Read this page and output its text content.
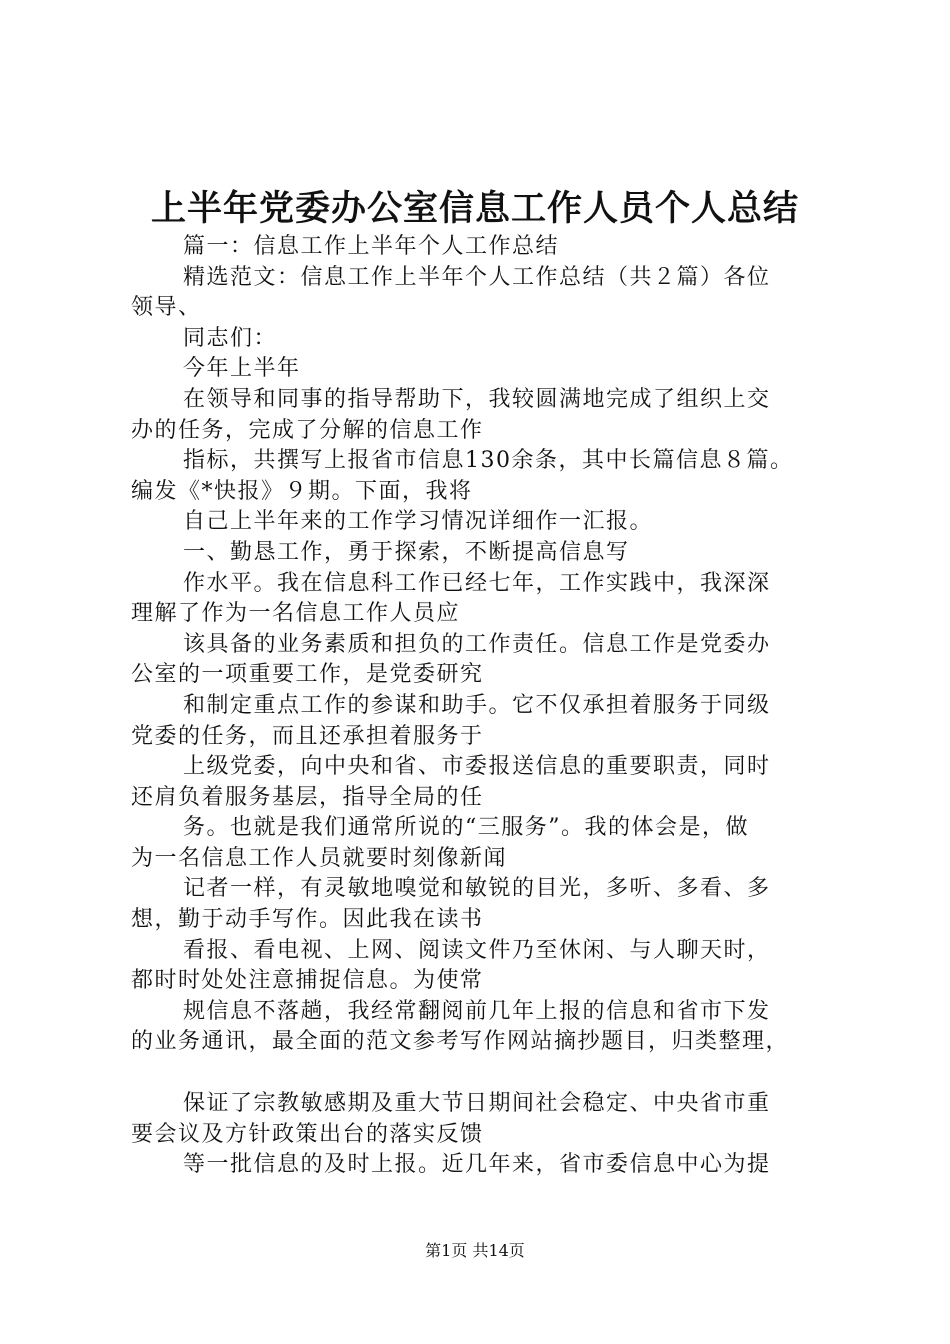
上半年党委办公室信息工作人员个人总结
篇一：信息工作上半年个人工作总结
精选范文：信息工作上半年个人工作总结（共２篇）各位
领导、
同志们：
今年上半年
在领导和同事的指导帮助下，我较圆满地完成了组织上交
办的任务，完成了分解的信息工作
指标，共撰写上报省市信息130余条，其中长篇信息８篇。
编发《*快报》９期。下面，我将
自己上半年来的工作学习情况详细作一汇报。
一、勤恳工作，勇于探索，不断提高信息写
作水平。我在信息科工作已经七年，工作实践中，我深深
理解了作为一名信息工作人员应
该具备的业务素质和担负的工作责任。信息工作是党委办
公室的一项重要工作，是党委研究
和制定重点工作的参谋和助手。它不仅承担着服务于同级
党委的任务，而且还承担着服务于
上级党委，向中央和省、市委报送信息的重要职责，同时
还肩负着服务基层，指导全局的任
务。也就是我们通常所说的“三服务”。我的体会是，做
为一名信息工作人员就要时刻像新闻
记者一样，有灵敏地嗅觉和敏锐的目光，多听、多看、多
想，勤于动手写作。因此我在读书
看报、看电视、上网、阅读文件乃至休闲、与人聊天时，
都时时处处注意捕捉信息。为使常
规信息不落趟，我经常翻阅前几年上报的信息和省市下发
的业务通讯，最全面的范文参考写作网站摘抄题目，归类整理，
保证了宗教敏感期及重大节日期间社会稳定、中央省市重
要会议及方针政策出台的落实反馈
等一批信息的及时上报。近几年来，省市委信息中心为提
第1页 共14页
